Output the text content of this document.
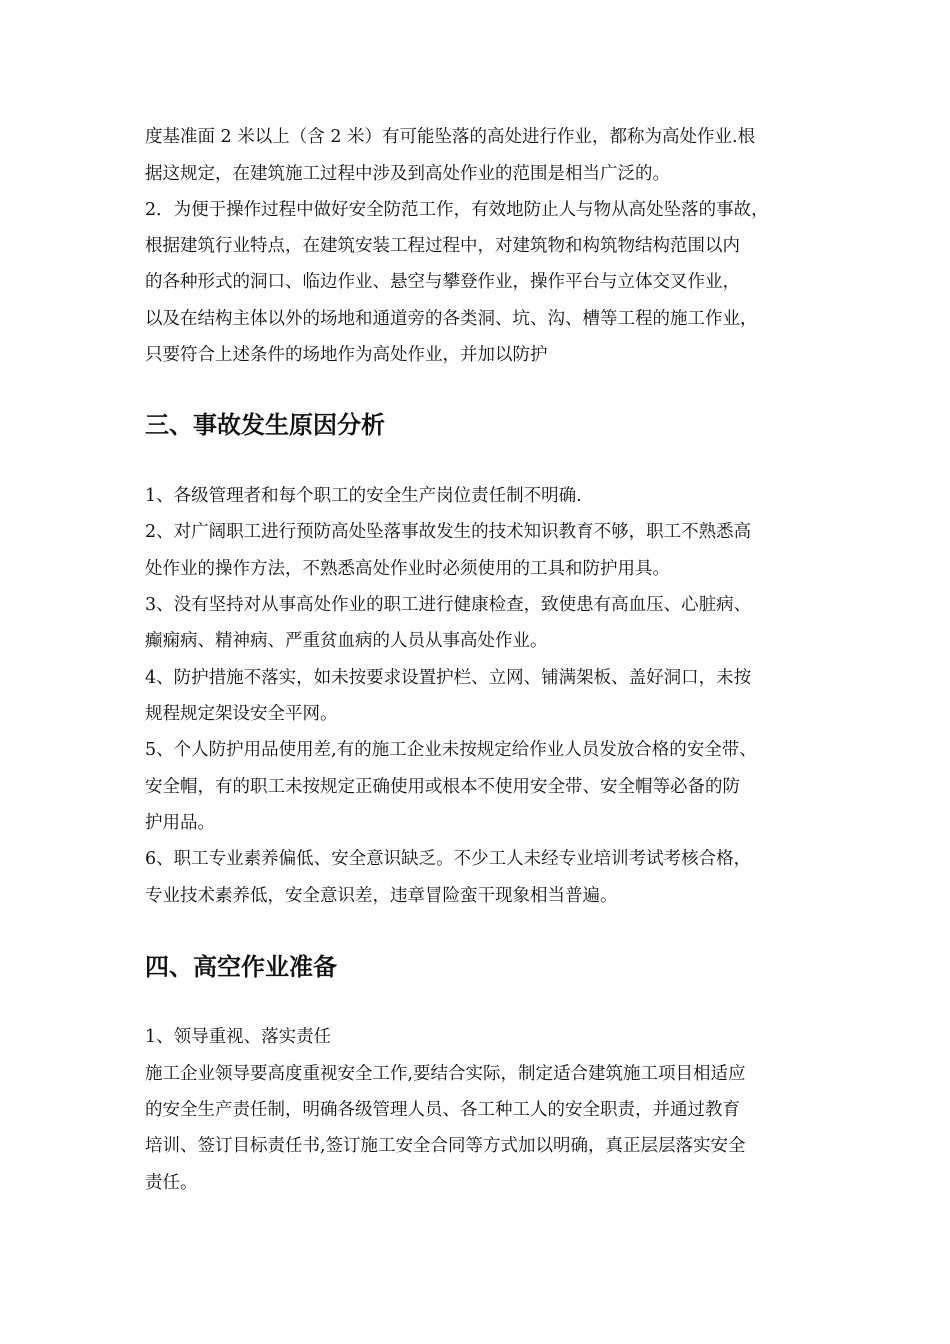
度基准面 2 米以上（含 2 米）有可能坠落的高处进行作业，都称为高处作业.根
据这规定，在建筑施工过程中涉及到高处作业的范围是相当广泛的。
2．为便于操作过程中做好安全防范工作，有效地防止人与物从高处坠落的事故，
根据建筑行业特点，在建筑安装工程过程中，对建筑物和构筑物结构范围以内
的各种形式的洞口、临边作业、悬空与攀登作业，操作平台与立体交叉作业，
以及在结构主体以外的场地和通道旁的各类洞、坑、沟、槽等工程的施工作业，
只要符合上述条件的场地作为高处作业，并加以防护
三、事故发生原因分析
1、各级管理者和每个职工的安全生产岗位责任制不明确.
2、对广阔职工进行预防高处坠落事故发生的技术知识教育不够，职工不熟悉高
处作业的操作方法，不熟悉高处作业时必须使用的工具和防护用具。
3、没有坚持对从事高处作业的职工进行健康检查，致使患有高血压、心脏病、
癫痫病、精神病、严重贫血病的人员从事高处作业。
4、防护措施不落实，如未按要求设置护栏、立网、铺满架板、盖好洞口，未按
规程规定架设安全平网。
5、个人防护用品使用差,有的施工企业未按规定给作业人员发放合格的安全带、
安全帽，有的职工未按规定正确使用或根本不使用安全带、安全帽等必备的防
护用品。
6、职工专业素养偏低、安全意识缺乏。不少工人未经专业培训考试考核合格，
专业技术素养低，安全意识差，违章冒险蛮干现象相当普遍。
四、高空作业准备
1、领导重视、落实责任
施工企业领导要高度重视安全工作,要结合实际，制定适合建筑施工项目相适应
的安全生产责任制，明确各级管理人员、各工种工人的安全职责，并通过教育
培训、签订目标责任书,签订施工安全合同等方式加以明确，真正层层落实安全
责任。
